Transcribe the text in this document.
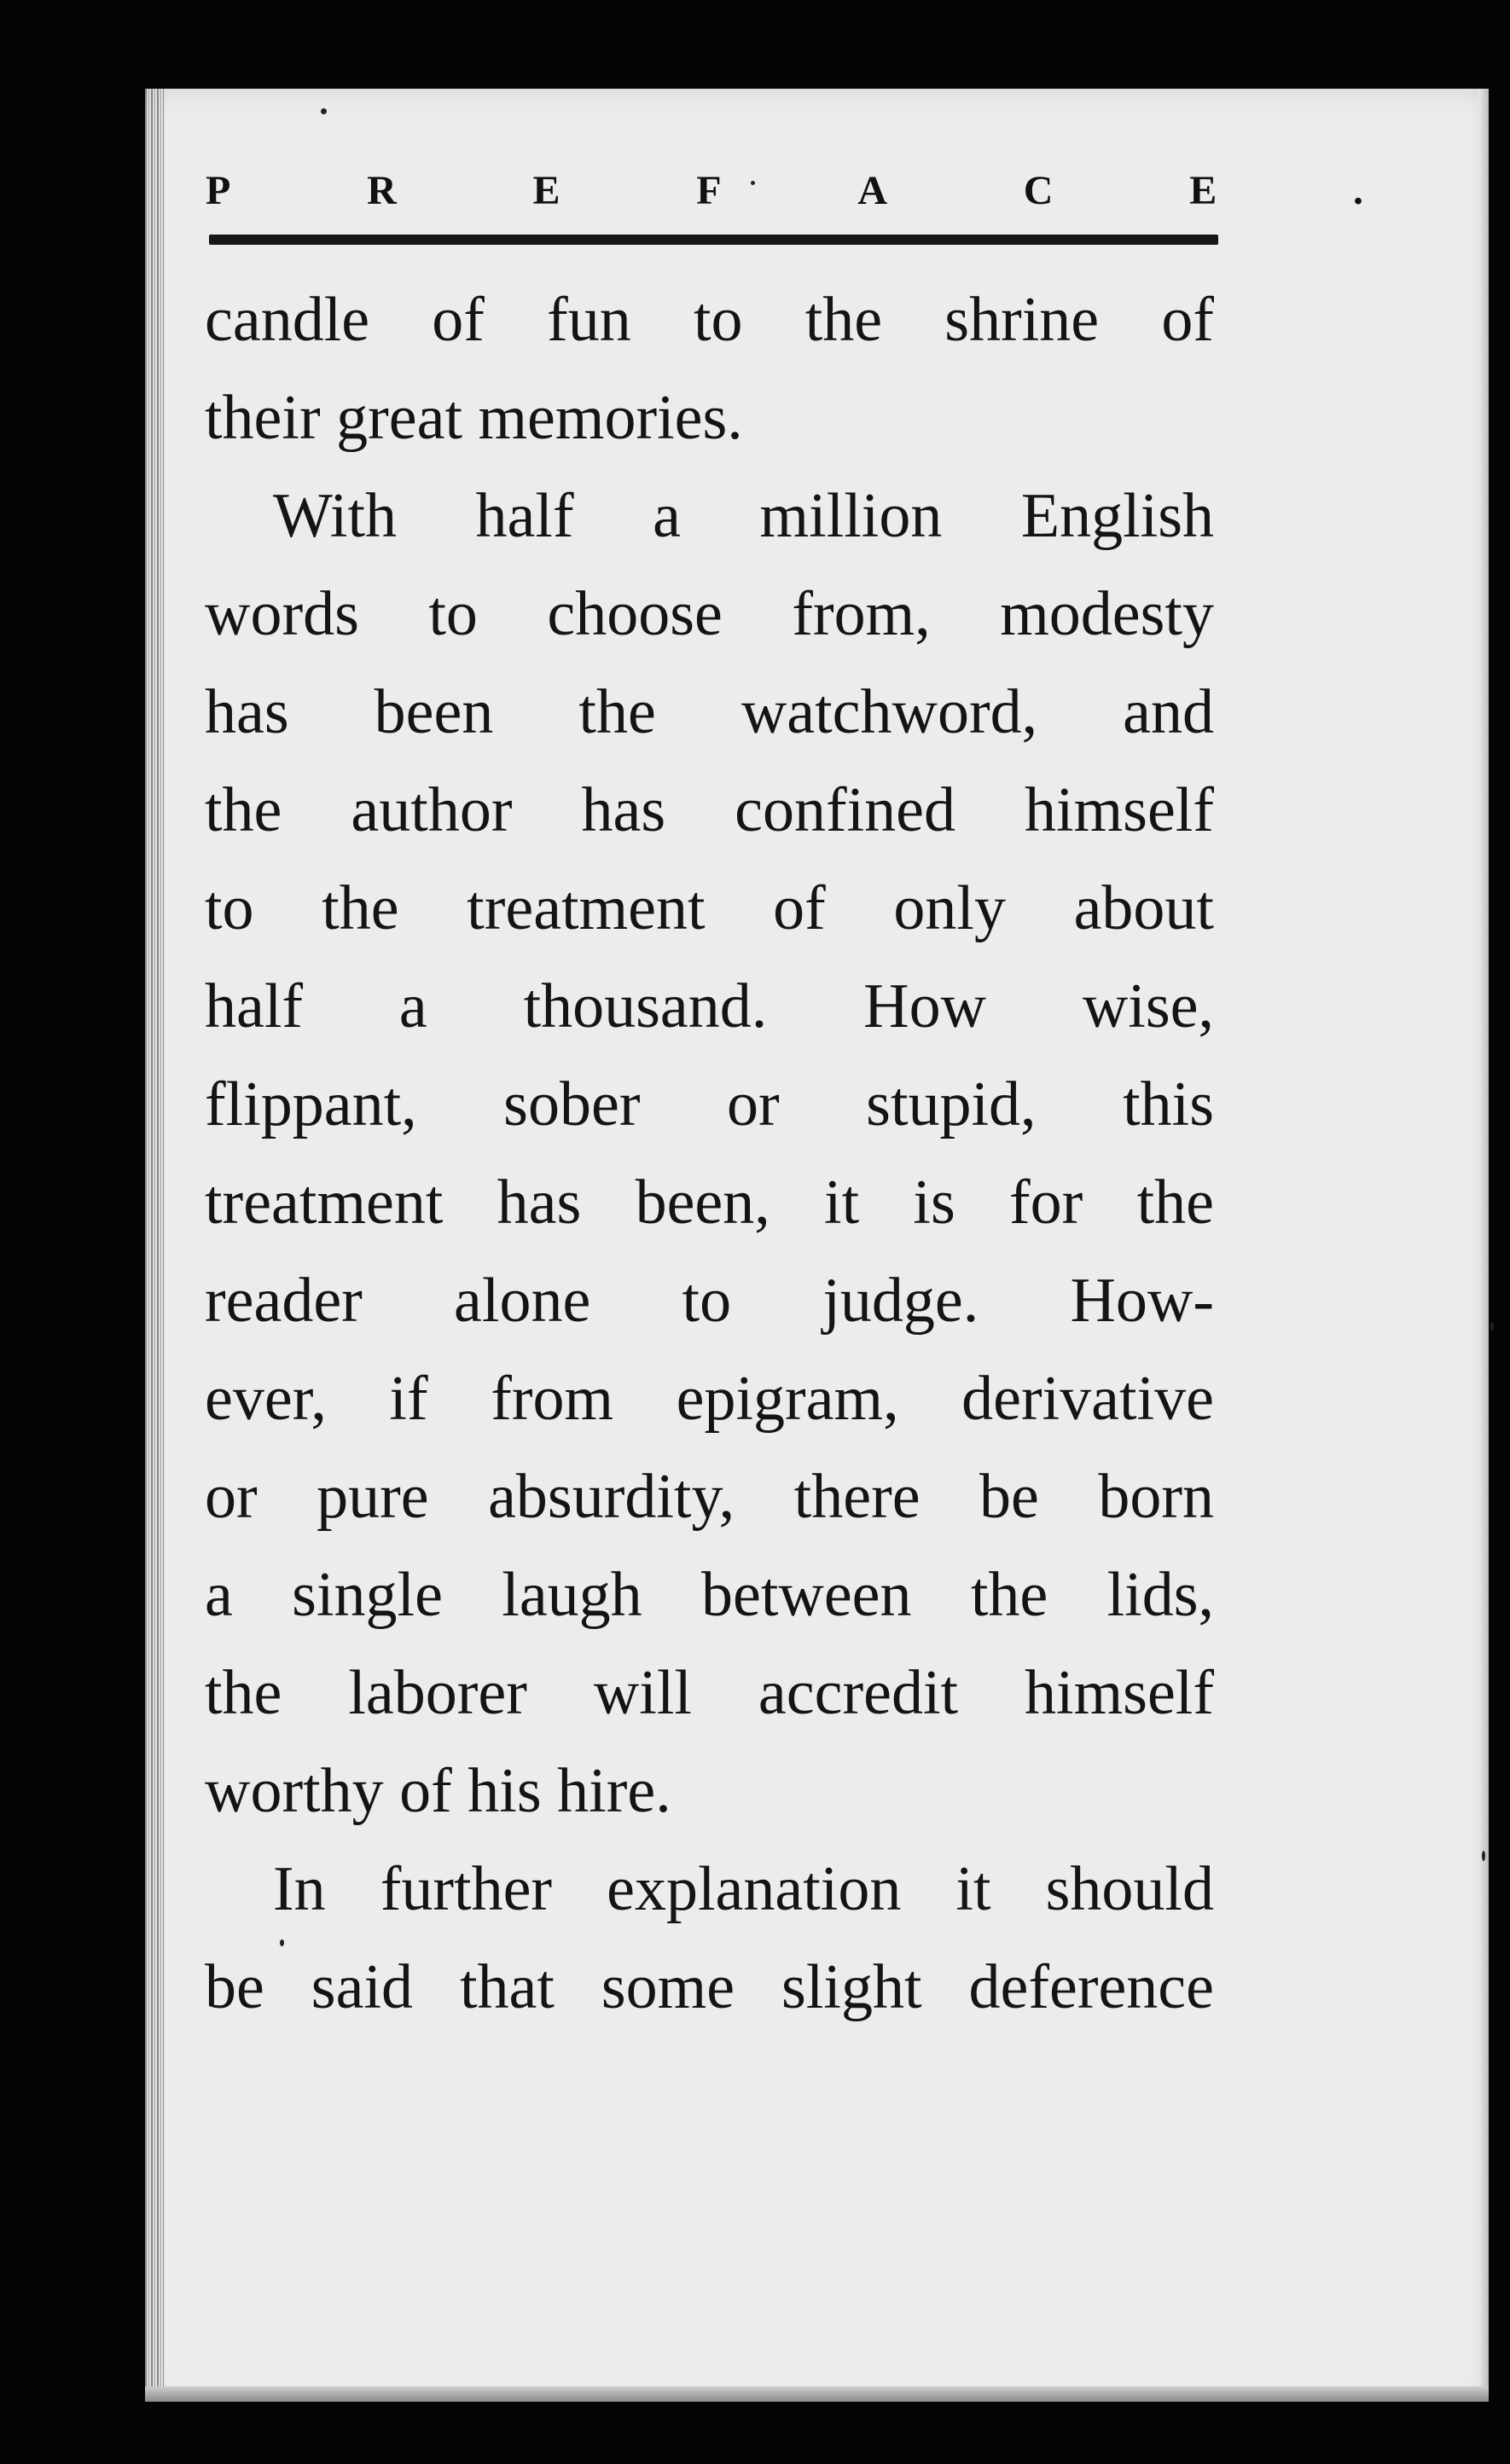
P	R	E	F	A	C	E	.

candle of fun to the shrine of
their great memories.

With half a million English
words to choose from, modesty
has been the watchword, and
the author has confined himself
to the treatment of only about
half a thousand. How wise,
flippant, sober or stupid, this
treatment has been, it is for the
reader alone to judge. How-
ever, if from epigram, derivative
or pure absurdity, there be born
a single laugh between the lids,
the laborer will accredit himself
worthy of his hire.

In further explanation it should
be said that some slight deference
